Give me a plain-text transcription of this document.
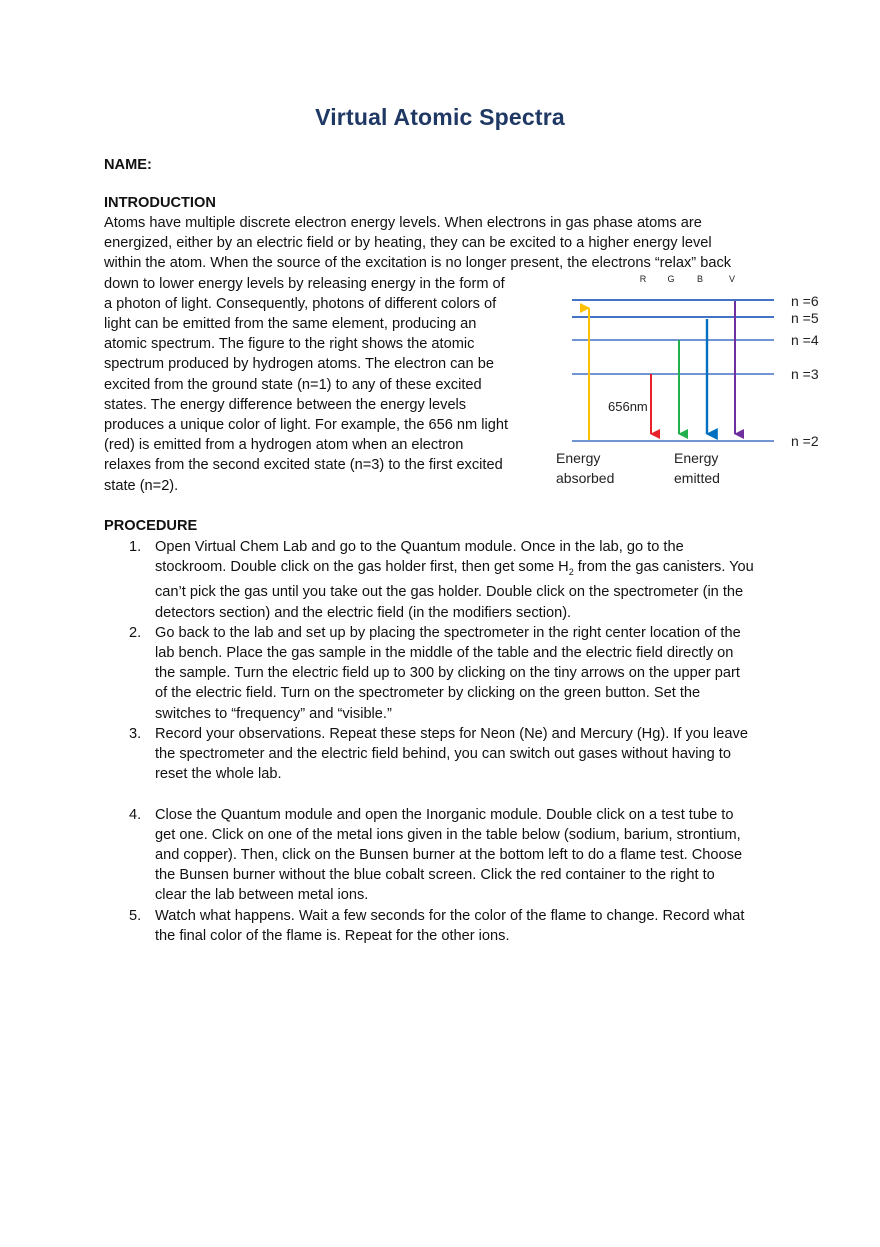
Virtual Atomic Spectra
NAME:
INTRODUCTION
Atoms have multiple discrete electron energy levels. When electrons in gas phase atoms are
energized, either by an electric field or by heating, they can be excited to a higher energy level
within the atom. When the source of the excitation is no longer present, the electrons “relax” back
down to lower energy levels by releasing energy in the form of
a photon of light. Consequently, photons of different colors of
light can be emitted from the same element, producing an
atomic spectrum. The figure to the right shows the atomic
spectrum produced by hydrogen atoms. The electron can be
excited from the ground state (n=1) to any of these excited
states. The energy difference between the energy levels
produces a unique color of light. For example, the 656 nm light
(red) is emitted from a hydrogen atom when an electron
relaxes from the second excited state (n=3) to the first excited
state (n=2).
R G B	V
n =6
n =5
n =4
n =3
n =2
656nm
Energy
absorbed
Energy
emitted
PROCEDURE
1. Open Virtual Chem Lab and go to the Quantum module. Once in the lab, go to the
stockroom. Double click on the gas holder first, then get some $H_2$ from the gas canisters. You
can’t pick the gas until you take out the gas holder. Double click on the spectrometer (in the
detectors section) and the electric field (in the modifiers section).
2. Go back to the lab and set up by placing the spectrometer in the right center location of the
lab bench. Place the gas sample in the middle of the table and the electric field directly on
the sample. Turn the electric field up to 300 by clicking on the tiny arrows on the upper part
of the electric field. Turn on the spectrometer by clicking on the green button. Set the
switches to “frequency” and “visible.”
3. Record your observations. Repeat these steps for Neon (Ne) and Mercury (Hg). If you leave
the spectrometer and the electric field behind, you can switch out gases without having to
reset the whole lab.
4. Close the Quantum module and open the Inorganic module. Double click on a test tube to
get one. Click on one of the metal ions given in the table below (sodium, barium, strontium,
and copper). Then, click on the Bunsen burner at the bottom left to do a flame test. Choose
the Bunsen burner without the blue cobalt screen. Click the red container to the right to
clear the lab between metal ions.
5. Watch what happens. Wait a few seconds for the color of the flame to change. Record what
the final color of the flame is. Repeat for the other ions.
